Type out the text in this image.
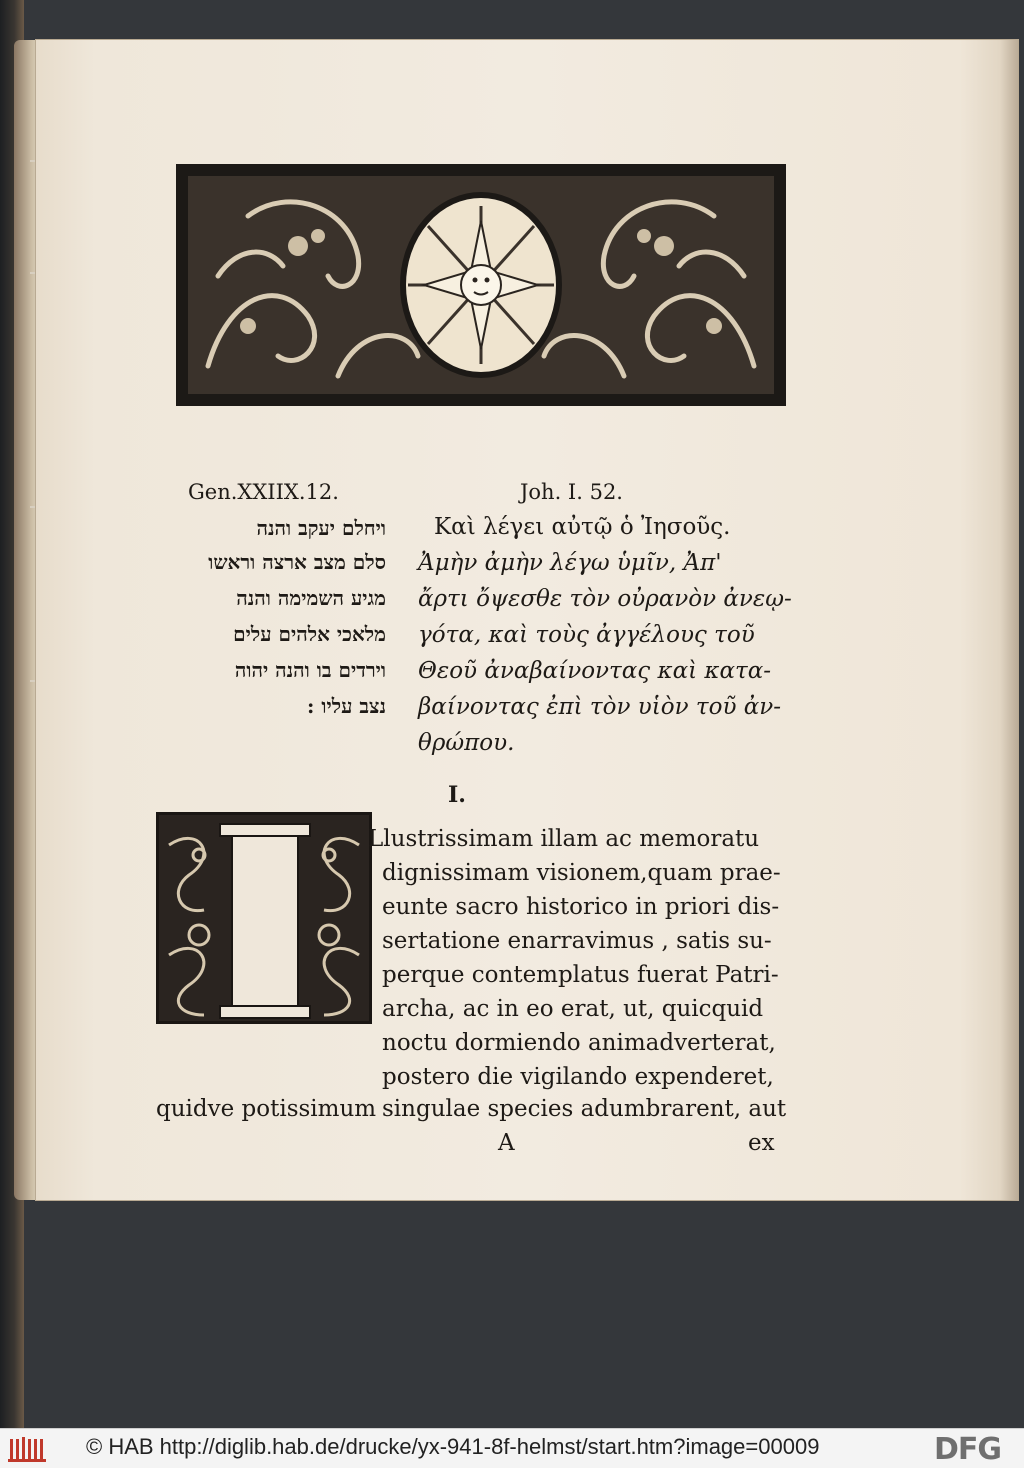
Gen.XXIIX.12.	Joh. I. 52.
ויחלם יעקב והנה
סלם מצב ארצה וראשו
מגיע השמימה והנה
מלאכי אלהים עלים
וירדים בו והנה יהוה
נצב עליו :
Καὶ λέγει αὐτῷ ὁ Ἰησοῦς.
Ἀμὴν ἀμὴν λέγω ὑμῖν, Ἀπ'
ἄρτι ὄψεσθε τὸν οὐρανὸν ἀνεῳ-
γότα, καὶ τοὺς ἀγγέλους τοῦ
Θεοῦ ἀναβαίνοντας καὶ κατα-
βαίνοντας ἐπὶ τὸν υἱὸν τοῦ ἀν-
θρώπου.
I.
Llustrissimam illam ac memoratu
dignissimam visionem,quam prae-
eunte sacro historico in priori dis-
sertatione enarravimus , satis su-
perque contemplatus fuerat Patri-
archa, ac in eo erat, ut, quicquid
noctu dormiendo animadverterat,
postero die vigilando expenderet,
quidve potissimum singulae species adumbrarent, aut
A	ex
© HAB http://diglib.hab.de/drucke/yx-941-8f-helmst/start.htm?image=00009	DFG
